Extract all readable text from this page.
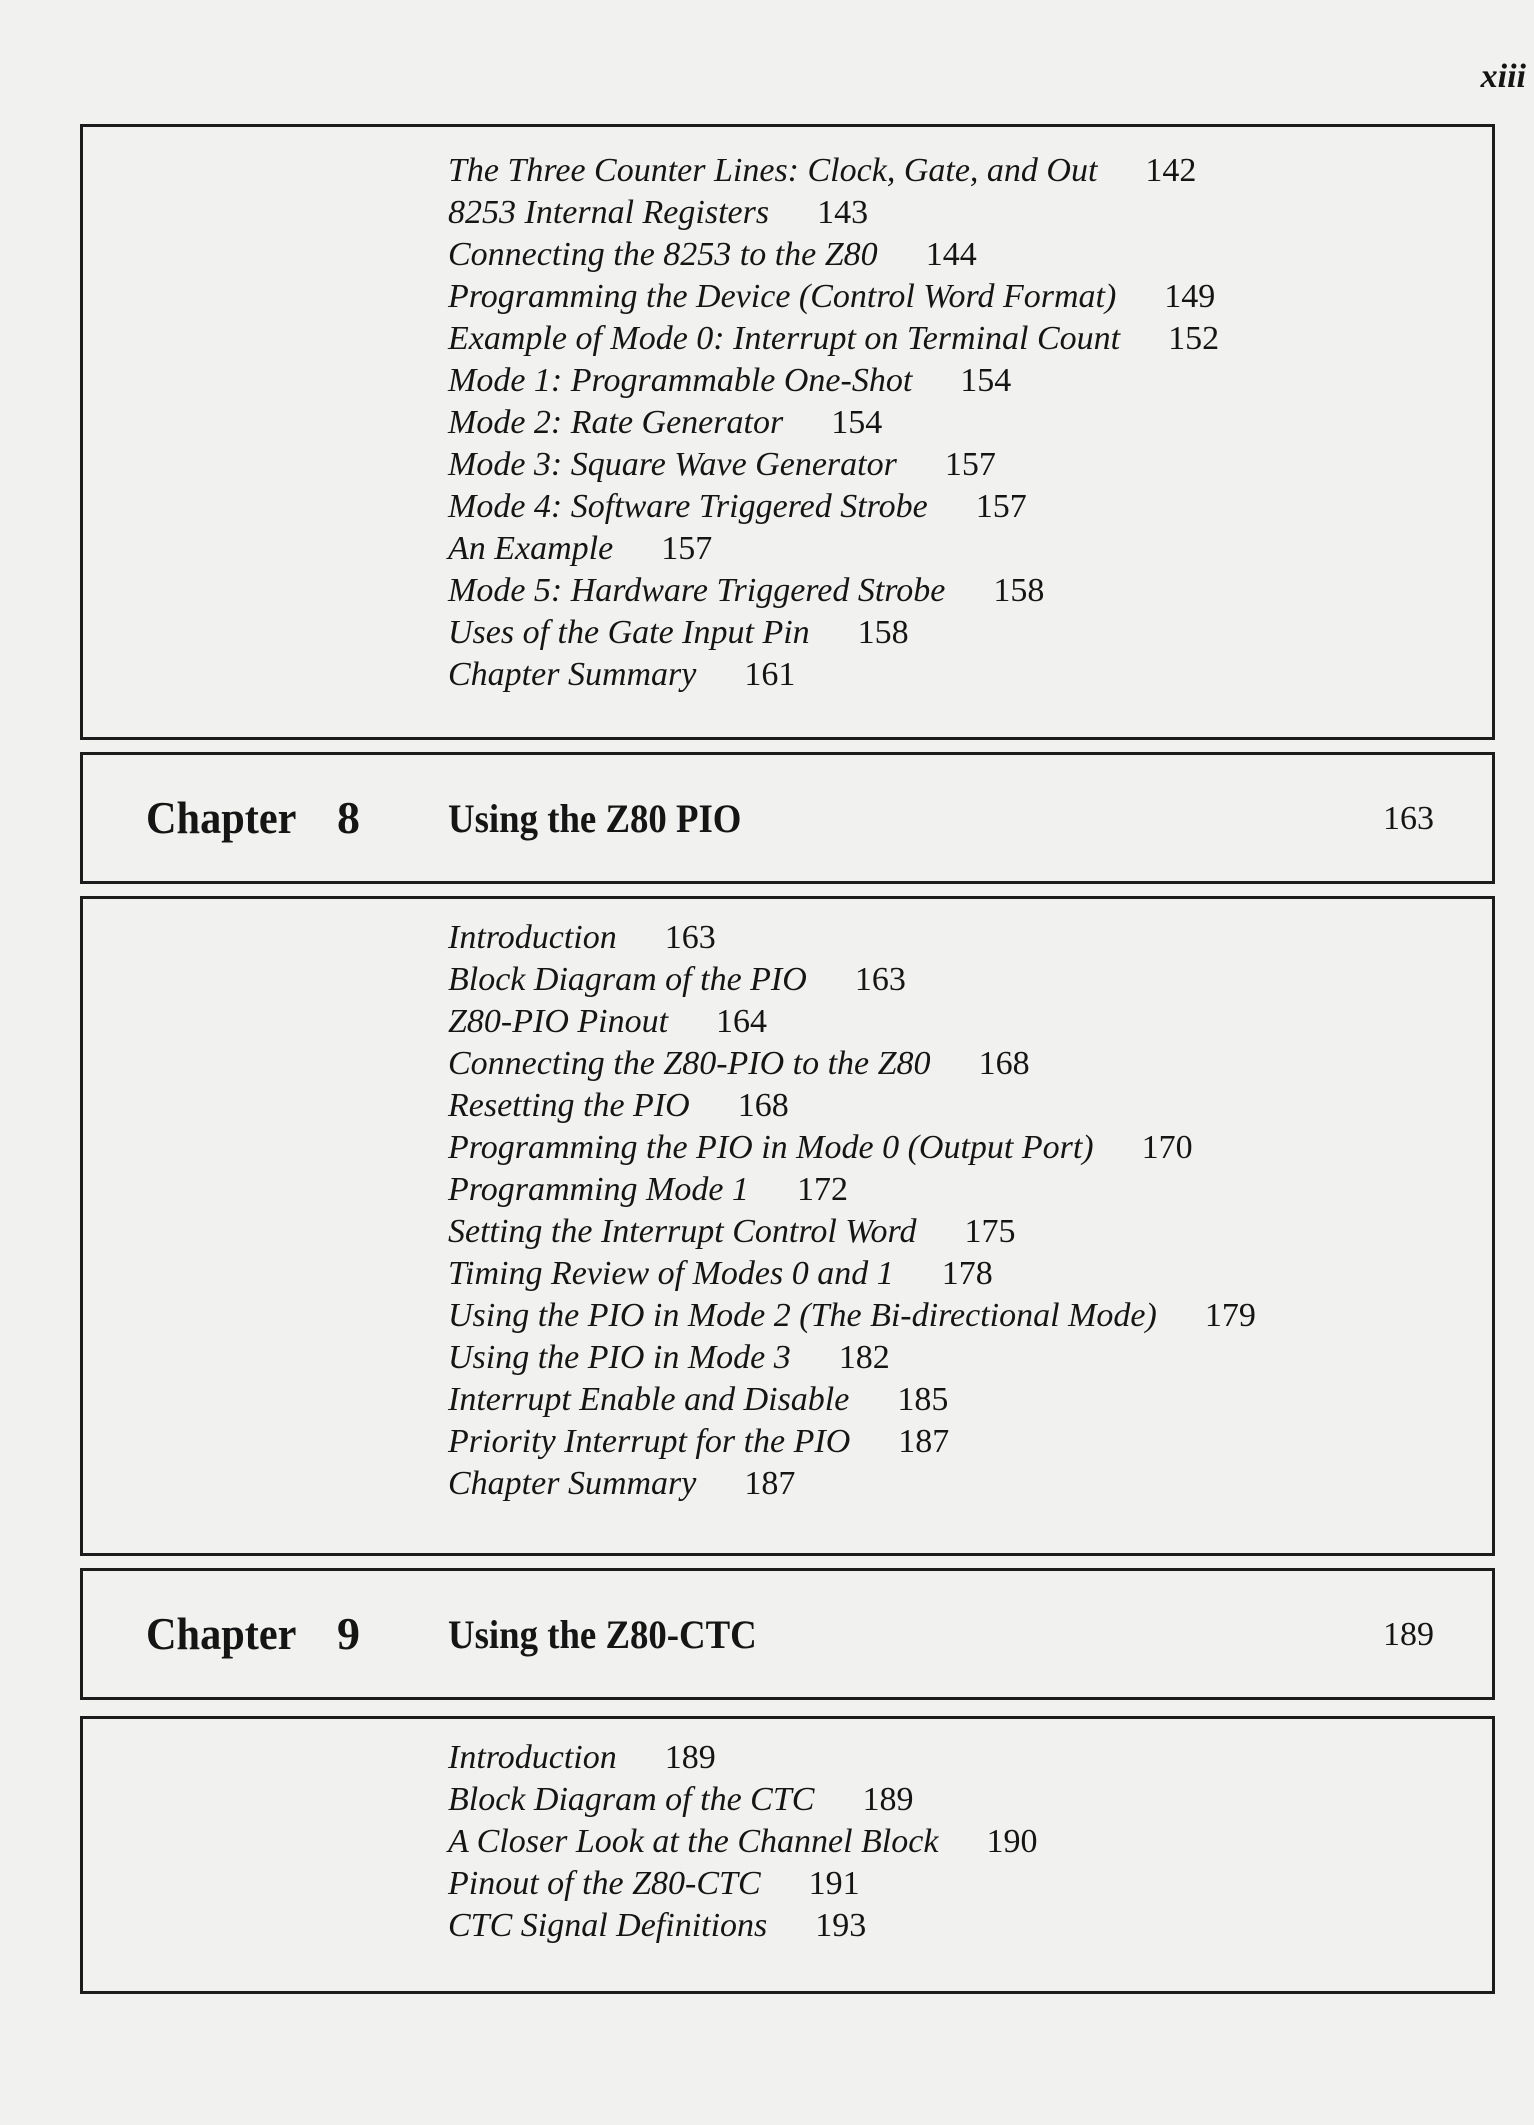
xiii
The Three Counter Lines: Clock, Gate, and Out 142
8253 Internal Registers 143
Connecting the 8253 to the Z80 144
Programming the Device (Control Word Format) 149
Example of Mode 0: Interrupt on Terminal Count 152
Mode 1: Programmable One-Shot 154
Mode 2: Rate Generator 154
Mode 3: Square Wave Generator 157
Mode 4: Software Triggered Strobe 157
An Example 157
Mode 5: Hardware Triggered Strobe 158
Uses of the Gate Input Pin 158
Chapter Summary 161
Chapter 8 Using the Z80 PIO	163
Introduction 163
Block Diagram of the PIO 163
Z80-PIO Pinout 164
Connecting the Z80-PIO to the Z80 168
Resetting the PIO 168
Programming the PIO in Mode 0 (Output Port) 170
Programming Mode 1 172
Setting the Interrupt Control Word 175
Timing Review of Modes 0 and 1 178
Using the PIO in Mode 2 (The Bi-directional Mode) 179
Using the PIO in Mode 3 182
Interrupt Enable and Disable 185
Priority Interrupt for the PIO 187
Chapter Summary 187
Chapter 9 Using the Z80-CTC	189
Introduction 189
Block Diagram of the CTC 189
A Closer Look at the Channel Block 190
Pinout of the Z80-CTC 191
CTC Signal Definitions 193
